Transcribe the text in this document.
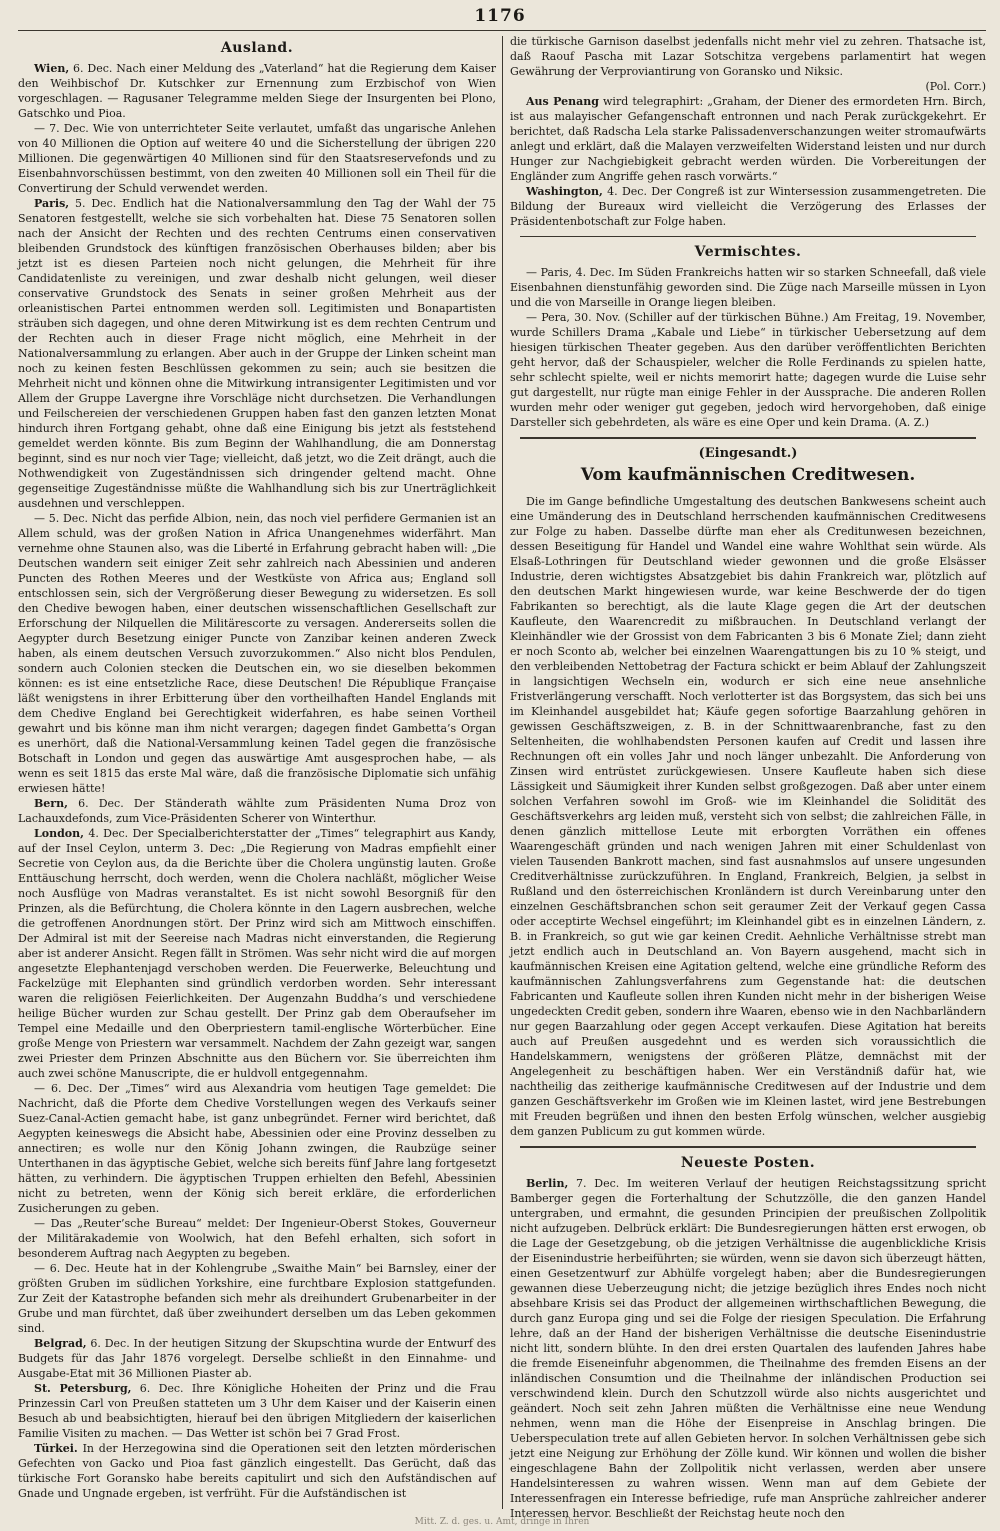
1176
Ausland.

Wien, 6. Dec. Nach einer Meldung des „Vaterland“ hat die Regierung dem Kaiser den Weihbischof Dr. Kutschker zur Ernennung zum Erzbischof von Wien vorgeschlagen. — Ragusaner Telegramme melden Siege der Insurgenten bei Plono, Gatschko und Pioa.

— 7. Dec. Wie von unterrichteter Seite verlautet, umfaßt das ungarische Anlehen von 40 Millionen die Option auf weitere 40 und die Sicherstellung der übrigen 220 Millionen. Die gegenwärtigen 40 Millionen sind für den Staatsreservefonds und zu Eisenbahnvorschüssen bestimmt, von den zweiten 40 Millionen soll ein Theil für die Convertirung der Schuld verwendet werden.

Paris, 5. Dec. Endlich hat die Nationalversammlung den Tag der Wahl der 75 Senatoren festgestellt, welche sie sich vorbehalten hat. Diese 75 Senatoren sollen nach der Ansicht der Rechten und des rechten Centrums einen conservativen bleibenden Grundstock des künftigen französischen Oberhauses bilden; aber bis jetzt ist es diesen Parteien noch nicht gelungen, die Mehrheit für ihre Candidatenliste zu vereinigen, und zwar deshalb nicht gelungen, weil dieser conservative Grundstock des Senats in seiner großen Mehrheit aus der orleanistischen Partei entnommen werden soll. Legitimisten und Bonapartisten sträuben sich dagegen, und ohne deren Mitwirkung ist es dem rechten Centrum und der Rechten auch in dieser Frage nicht möglich, eine Mehrheit in der Nationalversammlung zu erlangen. Aber auch in der Gruppe der Linken scheint man noch zu keinen festen Beschlüssen gekommen zu sein; auch sie besitzen die Mehrheit nicht und können ohne die Mitwirkung intransigenter Legitimisten und vor Allem der Gruppe Lavergne ihre Vorschläge nicht durchsetzen. Die Verhandlungen und Feilschereien der verschiedenen Gruppen haben fast den ganzen letzten Monat hindurch ihren Fortgang gehabt, ohne daß eine Einigung bis jetzt als feststehend gemeldet werden könnte. Bis zum Beginn der Wahlhandlung, die am Donnerstag beginnt, sind es nur noch vier Tage; vielleicht, daß jetzt, wo die Zeit drängt, auch die Nothwendigkeit von Zugeständnissen sich dringender geltend macht. Ohne gegenseitige Zugeständnisse müßte die Wahlhandlung sich bis zur Unerträglichkeit ausdehnen und verschleppen.

— 5. Dec. Nicht das perfide Albion, nein, das noch viel perfidere Germanien ist an Allem schuld, was der großen Nation in Africa Unangenehmes widerfährt. Man vernehme ohne Staunen also, was die Liberté in Erfahrung gebracht haben will: „Die Deutschen wandern seit einiger Zeit sehr zahlreich nach Abessinien und anderen Puncten des Rothen Meeres und der Westküste von Africa aus; England soll entschlossen sein, sich der Vergrößerung dieser Bewegung zu widersetzen. Es soll den Chedive bewogen haben, einer deutschen wissenschaftlichen Gesellschaft zur Erforschung der Nilquellen die Militärescorte zu versagen. Andererseits sollen die Aegypter durch Besetzung einiger Puncte von Zanzibar keinen anderen Zweck haben, als einem deutschen Versuch zuvorzukommen.“ Also nicht blos Pendulen, sondern auch Colonien stecken die Deutschen ein, wo sie dieselben bekommen können: es ist eine entsetzliche Race, diese Deutschen! Die République Française läßt wenigstens in ihrer Erbitterung über den vortheilhaften Handel Englands mit dem Chedive England bei Gerechtigkeit widerfahren, es habe seinen Vortheil gewahrt und bis könne man ihm nicht verargen; dagegen findet Gambetta’s Organ es unerhört, daß die National-Versammlung keinen Tadel gegen die französische Botschaft in London und gegen das auswärtige Amt ausgesprochen habe, — als wenn es seit 1815 das erste Mal wäre, daß die französische Diplomatie sich unfähig erwiesen hätte!

Bern, 6. Dec. Der Ständerath wählte zum Präsidenten Numa Droz von Lachauxdefonds, zum Vice-Präsidenten Scherer von Winterthur.

London, 4. Dec. Der Specialberichterstatter der „Times“ telegraphirt aus Kandy, auf der Insel Ceylon, unterm 3. Dec: „Die Regierung von Madras empfiehlt einer Secretie von Ceylon aus, da die Berichte über die Cholera ungünstig lauten. Große Enttäuschung herrscht, doch werden, wenn die Cholera nachläßt, möglicher Weise noch Ausflüge von Madras veranstaltet. Es ist nicht sowohl Besorgniß für den Prinzen, als die Befürchtung, die Cholera könnte in den Lagern ausbrechen, welche die getroffenen Anordnungen stört. Der Prinz wird sich am Mittwoch einschiffen. Der Admiral ist mit der Seereise nach Madras nicht einverstanden, die Regierung aber ist anderer Ansicht. Regen fällt in Strömen. Was sehr nicht wird die auf morgen angesetzte Elephantenjagd verschoben werden. Die Feuerwerke, Beleuchtung und Fackelzüge mit Elephanten sind gründlich verdorben worden. Sehr interessant waren die religiösen Feierlichkeiten. Der Augenzahn Buddha’s und verschiedene heilige Bücher wurden zur Schau gestellt. Der Prinz gab dem Oberaufseher im Tempel eine Medaille und den Oberpriestern tamil-englische Wörterbücher. Eine große Menge von Priestern war versammelt. Nachdem der Zahn gezeigt war, sangen zwei Priester dem Prinzen Abschnitte aus den Büchern vor. Sie überreichten ihm auch zwei schöne Manuscripte, die er huldvoll entgegennahm.

— 6. Dec. Der „Times“ wird aus Alexandria vom heutigen Tage gemeldet: Die Nachricht, daß die Pforte dem Chedive Vorstellungen wegen des Verkaufs seiner Suez-Canal-Actien gemacht habe, ist ganz unbegründet. Ferner wird berichtet, daß Aegypten keineswegs die Absicht habe, Abessinien oder eine Provinz desselben zu annectiren; es wolle nur den König Johann zwingen, die Raubzüge seiner Unterthanen in das ägyptische Gebiet, welche sich bereits fünf Jahre lang fortgesetzt hätten, zu verhindern. Die ägyptischen Truppen erhielten den Befehl, Abessinien nicht zu betreten, wenn der König sich bereit erkläre, die erforderlichen Zusicherungen zu geben.

— Das „Reuter’sche Bureau“ meldet: Der Ingenieur-Oberst Stokes, Gouverneur der Militärakademie von Woolwich, hat den Befehl erhalten, sich sofort in besonderem Auftrag nach Aegypten zu begeben.

— 6. Dec. Heute hat in der Kohlengrube „Swaithe Main“ bei Barnsley, einer der größten Gruben im südlichen Yorkshire, eine furchtbare Explosion stattgefunden. Zur Zeit der Katastrophe befanden sich mehr als dreihundert Grubenarbeiter in der Grube und man fürchtet, daß über zweihundert derselben um das Leben gekommen sind.

Belgrad, 6. Dec. In der heutigen Sitzung der Skupschtina wurde der Entwurf des Budgets für das Jahr 1876 vorgelegt. Derselbe schließt in den Einnahme- und Ausgabe-Etat mit 36 Millionen Piaster ab.

St. Petersburg, 6. Dec. Ihre Königliche Hoheiten der Prinz und die Frau Prinzessin Carl von Preußen statteten um 3 Uhr dem Kaiser und der Kaiserin einen Besuch ab und beabsichtigten, hierauf bei den übrigen Mitgliedern der kaiserlichen Familie Visiten zu machen. — Das Wetter ist schön bei 7 Grad Frost.

Türkei. In der Herzegowina sind die Operationen seit den letzten mörderischen Gefechten von Gacko und Pioa fast gänzlich eingestellt. Das Gerücht, daß das türkische Fort Goransko habe bereits capitulirt und sich den Aufständischen auf Gnade und Ungnade ergeben, ist verfrüht. Für die Aufständischen ist

die türkische Garnison daselbst jedenfalls nicht mehr viel zu zehren. Thatsache ist, daß Raouf Pascha mit Lazar Sotschitza vergebens parlamentirt hat wegen Gewährung der Verproviantirung von Goransko und Niksic.

(Pol. Corr.)

Aus Penang wird telegraphirt: „Graham, der Diener des ermordeten Hrn. Birch, ist aus malayischer Gefangenschaft entronnen und nach Perak zurückgekehrt. Er berichtet, daß Radscha Lela starke Palissadenverschanzungen weiter stromaufwärts anlegt und erklärt, daß die Malayen verzweifelten Widerstand leisten und nur durch Hunger zur Nachgiebigkeit gebracht werden würden. Die Vorbereitungen der Engländer zum Angriffe gehen rasch vorwärts.“

Washington, 4. Dec. Der Congreß ist zur Wintersession zusammengetreten. Die Bildung der Bureaux wird vielleicht die Verzögerung des Erlasses der Präsidentenbotschaft zur Folge haben.

Vermischtes.

— Paris, 4. Dec. Im Süden Frankreichs hatten wir so starken Schneefall, daß viele Eisenbahnen dienstunfähig geworden sind. Die Züge nach Marseille müssen in Lyon und die von Marseille in Orange liegen bleiben.

— Pera, 30. Nov. (Schiller auf der türkischen Bühne.) Am Freitag, 19. November, wurde Schillers Drama „Kabale und Liebe“ in türkischer Uebersetzung auf dem hiesigen türkischen Theater gegeben. Aus den darüber veröffentlichten Berichten geht hervor, daß der Schauspieler, welcher die Rolle Ferdinands zu spielen hatte, sehr schlecht spielte, weil er nichts memorirt hatte; dagegen wurde die Luise sehr gut dargestellt, nur rügte man einige Fehler in der Aussprache. Die anderen Rollen wurden mehr oder weniger gut gegeben, jedoch wird hervorgehoben, daß einige Darsteller sich gebehrdeten, als wäre es eine Oper und kein Drama. (A. Z.)

(Eingesandt.)
Vom kaufmännischen Creditwesen.

Die im Gange befindliche Umgestaltung des deutschen Bankwesens scheint auch eine Umänderung des in Deutschland herrschenden kaufmännischen Creditwesens zur Folge zu haben. Dasselbe dürfte man eher als Creditunwesen bezeichnen, dessen Beseitigung für Handel und Wandel eine wahre Wohlthat sein würde. Als Elsaß-Lothringen für Deutschland wieder gewonnen und die große Elsässer Industrie, deren wichtigstes Absatzgebiet bis dahin Frankreich war, plötzlich auf den deutschen Markt hingewiesen wurde, war keine Beschwerde der do tigen Fabrikanten so berechtigt, als die laute Klage gegen die Art der deutschen Kaufleute, den Waarencredit zu mißbrauchen. In Deutschland verlangt der Kleinhändler wie der Grossist von dem Fabricanten 3 bis 6 Monate Ziel; dann zieht er noch Sconto ab, welcher bei einzelnen Waarengattungen bis zu 10 % steigt, und den verbleibenden Nettobetrag der Factura schickt er beim Ablauf der Zahlungszeit in langsichtigen Wechseln ein, wodurch er sich eine neue ansehnliche Fristverlängerung verschafft. Noch verlotterter ist das Borgsystem, das sich bei uns im Kleinhandel ausgebildet hat; Käufe gegen sofortige Baarzahlung gehören in gewissen Geschäftszweigen, z. B. in der Schnittwaarenbranche, fast zu den Seltenheiten, die wohlhabendsten Personen kaufen auf Credit und lassen ihre Rechnungen oft ein volles Jahr und noch länger unbezahlt. Die Anforderung von Zinsen wird entrüstet zurückgewiesen. Unsere Kaufleute haben sich diese Lässigkeit und Säumigkeit ihrer Kunden selbst großgezogen. Daß aber unter einem solchen Verfahren sowohl im Groß- wie im Kleinhandel die Solidität des Geschäftsverkehrs arg leiden muß, versteht sich von selbst; die zahlreichen Fälle, in denen gänzlich mittellose Leute mit erborgten Vorräthen ein offenes Waarengeschäft gründen und nach wenigen Jahren mit einer Schuldenlast von vielen Tausenden Bankrott machen, sind fast ausnahmslos auf unsere ungesunden Creditverhältnisse zurückzuführen. In England, Frankreich, Belgien, ja selbst in Rußland und den österreichischen Kronländern ist durch Vereinbarung unter den einzelnen Geschäftsbranchen schon seit geraumer Zeit der Verkauf gegen Cassa oder acceptirte Wechsel eingeführt; im Kleinhandel gibt es in einzelnen Ländern, z. B. in Frankreich, so gut wie gar keinen Credit. Aehnliche Verhältnisse strebt man jetzt endlich auch in Deutschland an. Von Bayern ausgehend, macht sich in kaufmännischen Kreisen eine Agitation geltend, welche eine gründliche Reform des kaufmännischen Zahlungsverfahrens zum Gegenstande hat: die deutschen Fabricanten und Kaufleute sollen ihren Kunden nicht mehr in der bisherigen Weise ungedeckten Credit geben, sondern ihre Waaren, ebenso wie in den Nachbarländern nur gegen Baarzahlung oder gegen Accept verkaufen. Diese Agitation hat bereits auch auf Preußen ausgedehnt und es werden sich voraussichtlich die Handelskammern, wenigstens der größeren Plätze, demnächst mit der Angelegenheit zu beschäftigen haben. Wer ein Verständniß dafür hat, wie nachtheilig das zeitherige kaufmännische Creditwesen auf der Industrie und dem ganzen Geschäftsverkehr im Großen wie im Kleinen lastet, wird jene Bestrebungen mit Freuden begrüßen und ihnen den besten Erfolg wünschen, welcher ausgiebig dem ganzen Publicum zu gut kommen würde.

Neueste Posten.

Berlin, 7. Dec. Im weiteren Verlauf der heutigen Reichstagssitzung spricht Bamberger gegen die Forterhaltung der Schutzzölle, die den ganzen Handel untergraben, und ermahnt, die gesunden Principien der preußischen Zollpolitik nicht aufzugeben. Delbrück erklärt: Die Bundesregierungen hätten erst erwogen, ob die Lage der Gesetzgebung, ob die jetzigen Verhältnisse die augenblickliche Krisis der Eisenindustrie herbeiführten; sie würden, wenn sie davon sich überzeugt hätten, einen Gesetzentwurf zur Abhülfe vorgelegt haben; aber die Bundesregierungen gewannen diese Ueberzeugung nicht; die jetzige bezüglich ihres Endes noch nicht absehbare Krisis sei das Product der allgemeinen wirthschaftlichen Bewegung, die durch ganz Europa ging und sei die Folge der riesigen Speculation. Die Erfahrung lehre, daß an der Hand der bisherigen Verhältnisse die deutsche Eisenindustrie nicht litt, sondern blühte. In den drei ersten Quartalen des laufenden Jahres habe die fremde Eiseneinfuhr abgenommen, die Theilnahme des fremden Eisens an der inländischen Consumtion und die Theilnahme der inländischen Production sei verschwindend klein. Durch den Schutzzoll würde also nichts ausgerichtet und geändert. Noch seit zehn Jahren müßten die Verhältnisse eine neue Wendung nehmen, wenn man die Höhe der Eisenpreise in Anschlag bringen. Die Ueberspeculation trete auf allen Gebieten hervor. In solchen Verhältnissen gebe sich jetzt eine Neigung zur Erhöhung der Zölle kund. Wir können und wollen die bisher eingeschlagene Bahn der Zollpolitik nicht verlassen, werden aber unsere Handelsinteressen zu wahren wissen. Wenn man auf dem Gebiete der Interessenfragen ein Interesse befriedige, rufe man Ansprüche zahlreicher anderer Interessen hervor. Beschließt der Reichstag heute noch den

Mitt. Z. d. ges. u. Amt, dringe in Ihren
